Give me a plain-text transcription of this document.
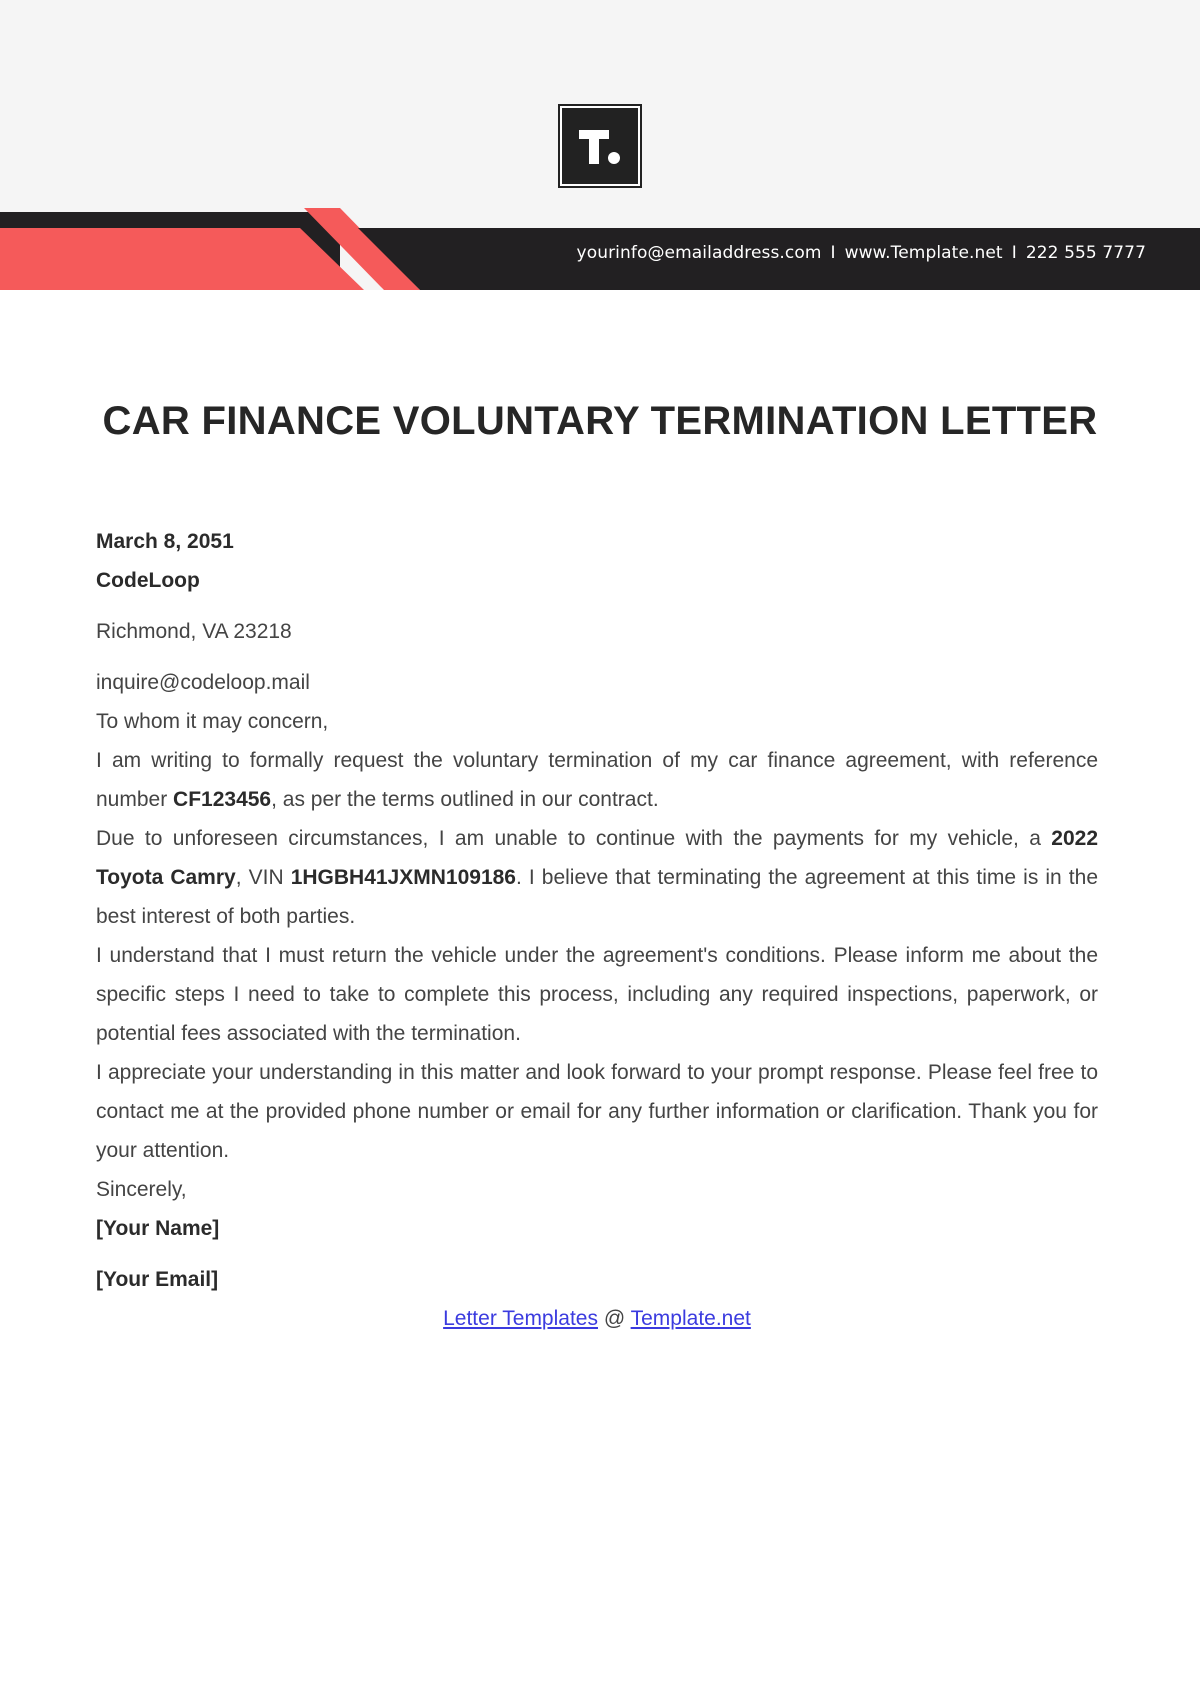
yourinfo@emailaddress.com I www.Template.net I 222 555 7777
CAR FINANCE VOLUNTARY TERMINATION LETTER

March 8, 2051

CodeLoop

Richmond, VA 23218

inquire@codeloop.mail

To whom it may concern,

I am writing to formally request the voluntary termination of my car finance agreement, with reference number CF123456, as per the terms outlined in our contract.

Due to unforeseen circumstances, I am unable to continue with the payments for my vehicle, a 2022 Toyota Camry, VIN 1HGBH41JXMN109186. I believe that terminating the agreement at this time is in the best interest of both parties.

I understand that I must return the vehicle under the agreement's conditions. Please inform me about the specific steps I need to take to complete this process, including any required inspections, paperwork, or potential fees associated with the termination.

I appreciate your understanding in this matter and look forward to your prompt response. Please feel free to contact me at the provided phone number or email for any further information or clarification. Thank you for your attention.

Sincerely,

[Your Name]

[Your Email]

Letter Templates @ Template.net
